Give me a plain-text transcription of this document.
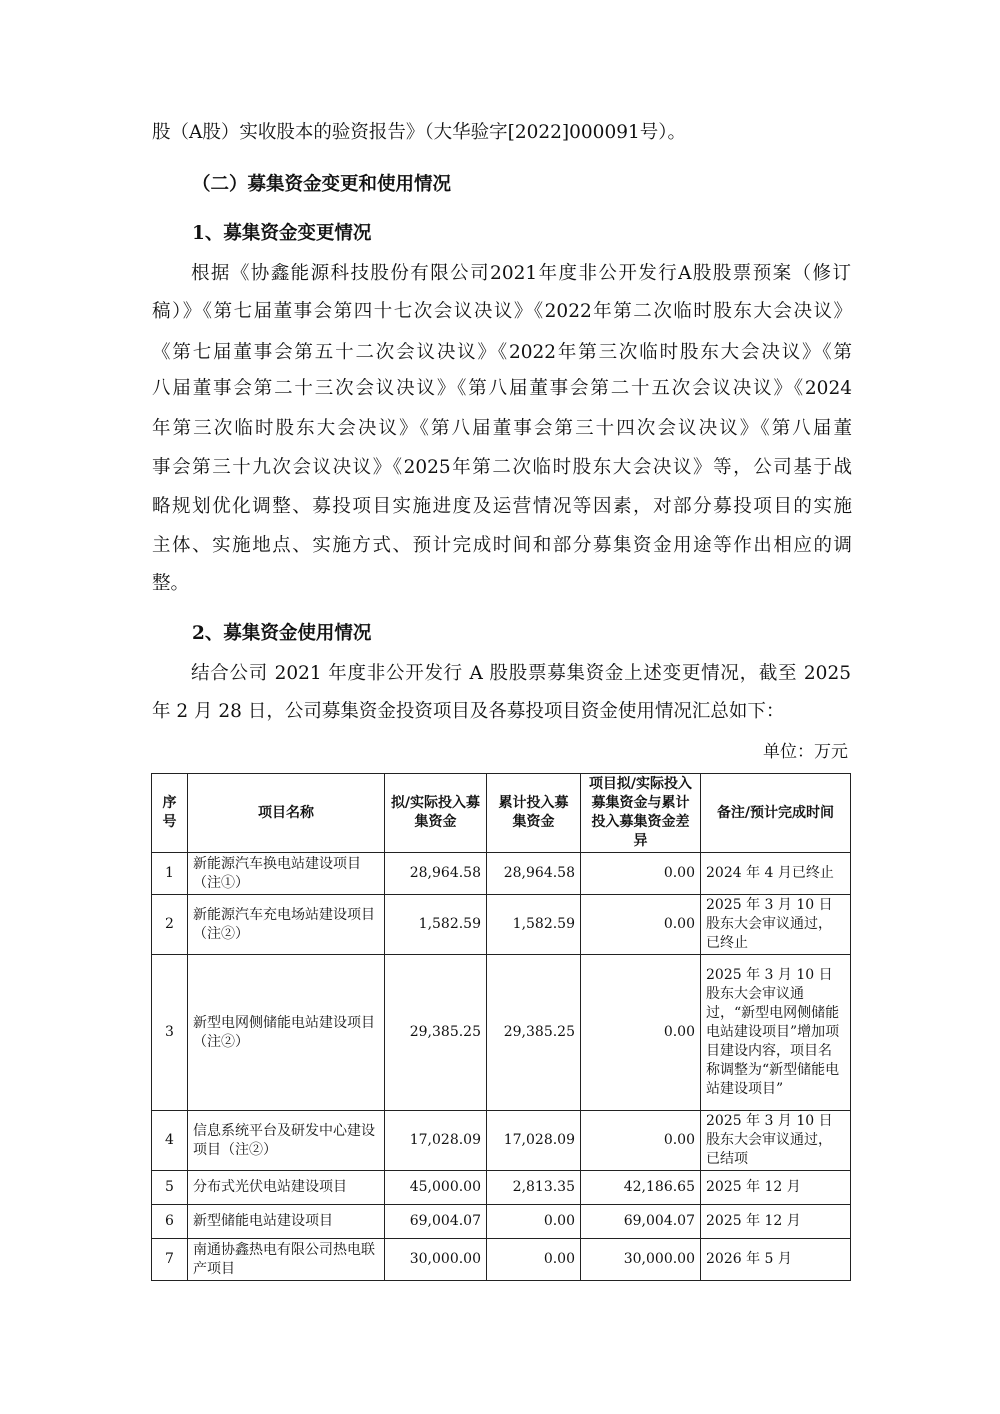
股（A股）实收股本的验资报告》（大华验字[2022]000091号）。
（二）募集资金变更和使用情况
1、募集资金变更情况
根据《协鑫能源科技股份有限公司2021年度非公开发行A股股票预案（修订
稿）》《第七届董事会第四十七次会议决议》《2022年第二次临时股东大会决议》
《第七届董事会第五十二次会议决议》《2022年第三次临时股东大会决议》《第
八届董事会第二十三次会议决议》《第八届董事会第二十五次会议决议》《2024
年第三次临时股东大会决议》《第八届董事会第三十四次会议决议》《第八届董
事会第三十九次会议决议》《2025年第二次临时股东大会决议》等，公司基于战
略规划优化调整、募投项目实施进度及运营情况等因素，对部分募投项目的实施
主体、实施地点、实施方式、预计完成时间和部分募集资金用途等作出相应的调
整。
2、募集资金使用情况
结合公司 2021 年度非公开发行 A 股股票募集资金上述变更情况，截至 2025
年 2 月 28 日，公司募集资金投资项目及各募投项目资金使用情况汇总如下：
单位：万元
序号	项目名称	拟/实际投入募集资金	累计投入募集资金	项目拟/实际投入募集资金与累计投入募集资金差异	备注/预计完成时间
1	新能源汽车换电站建设项目（注①）	28,964.58	28,964.58	0.00	2024 年 4 月已终止
2	新能源汽车充电场站建设项目（注②）	1,582.59	1,582.59	0.00	2025 年 3 月 10 日股东大会审议通过，已终止
3	新型电网侧储能电站建设项目（注②）	29,385.25	29,385.25	0.00	2025 年 3 月 10 日股东大会审议通过，“新型电网侧储能电站建设项目”增加项目建设内容，项目名称调整为“新型储能电站建设项目”
4	信息系统平台及研发中心建设项目（注②）	17,028.09	17,028.09	0.00	2025 年 3 月 10 日股东大会审议通过，已结项
5	分布式光伏电站建设项目	45,000.00	2,813.35	42,186.65	2025 年 12 月
6	新型储能电站建设项目	69,004.07	0.00	69,004.07	2025 年 12 月
7	南通协鑫热电有限公司热电联产项目	30,000.00	0.00	30,000.00	2026 年 5 月
